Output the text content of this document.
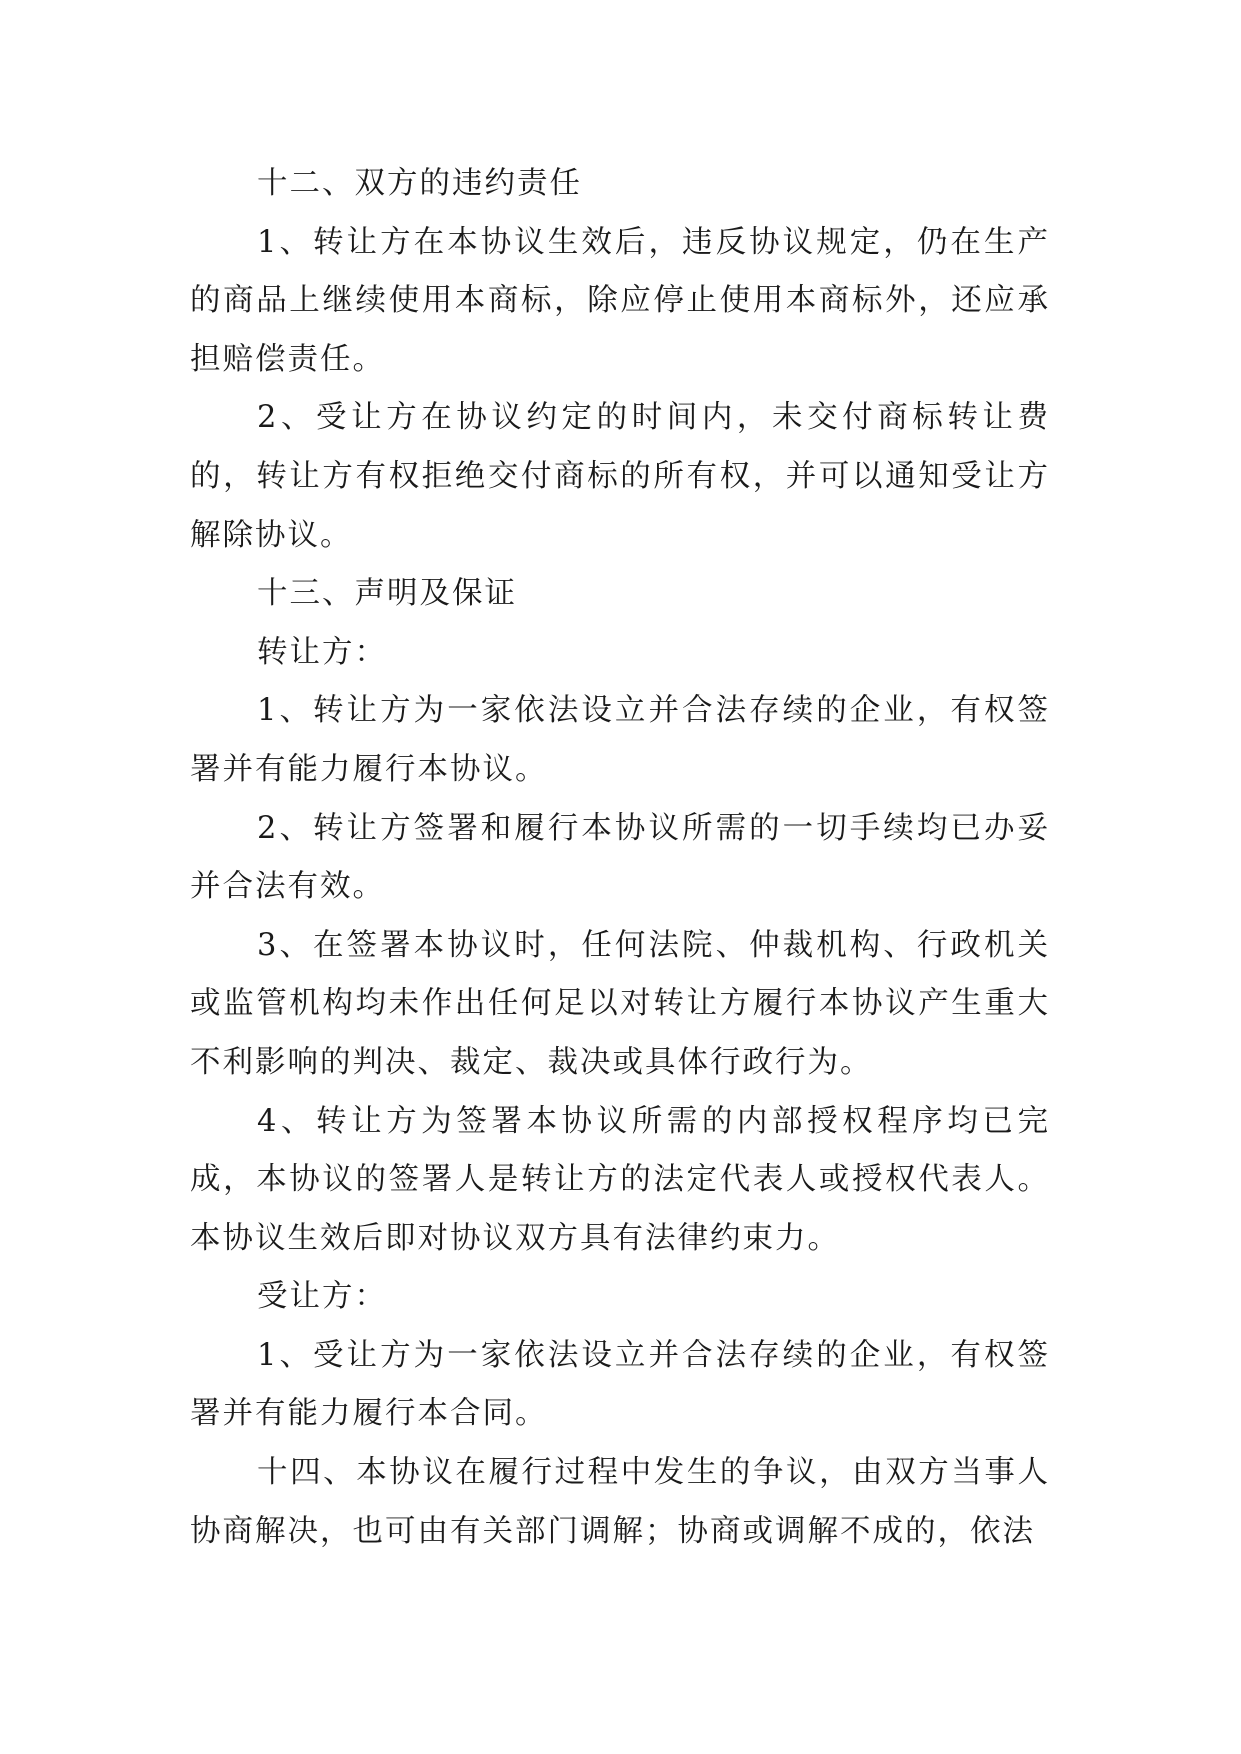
十二、双方的违约责任

1、转让方在本协议生效后，违反协议规定，仍在生产的商品上继续使用本商标，除应停止使用本商标外，还应承担赔偿责任。

2、受让方在协议约定的时间内，未交付商标转让费的，转让方有权拒绝交付商标的所有权，并可以通知受让方解除协议。

十三、声明及保证

转让方：

1、转让方为一家依法设立并合法存续的企业，有权签署并有能力履行本协议。

2、转让方签署和履行本协议所需的一切手续均已办妥并合法有效。

3、在签署本协议时，任何法院、仲裁机构、行政机关或监管机构均未作出任何足以对转让方履行本协议产生重大不利影响的判决、裁定、裁决或具体行政行为。

4、转让方为签署本协议所需的内部授权程序均已完成，本协议的签署人是转让方的法定代表人或授权代表人。本协议生效后即对协议双方具有法律约束力。

受让方：

1、受让方为一家依法设立并合法存续的企业，有权签署并有能力履行本合同。

十四、本协议在履行过程中发生的争议，由双方当事人协商解决，也可由有关部门调解；协商或调解不成的，依法
